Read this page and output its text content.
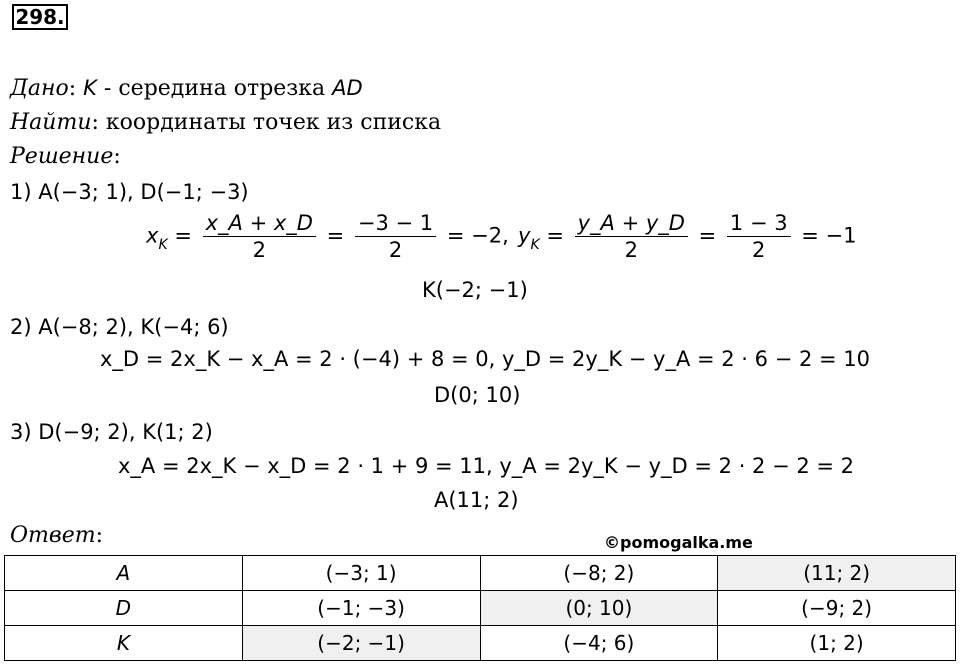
298.
Дано: K - середина отрезка AD
Найти: координаты точек из списка
Решение:
1) A(−3; 1), D(−1; −3)
$x_K = \frac{x\_A + x\_D}{2} = \frac{-3 - 1}{2} = -2$, $y_K = \frac{y\_A + y\_D}{2} = \frac{1 - 3}{2} = -1$
K(−2; −1)
2) A(−8; 2), K(−4; 6)
x_D = 2x_K − x_A = 2 · (−4) + 8 = 0, y_D = 2y_K − y_A = 2 · 6 − 2 = 10
D(0; 10)
3) D(−9; 2), K(1; 2)
x_A = 2x_K − x_D = 2 · 1 + 9 = 11, y_A = 2y_K − y_D = 2 · 2 − 2 = 2
A(11; 2)
Ответ:	©pomogalka.me
A	(−3; 1)	(−8; 2)	(11; 2)
D	(−1; −3)	(0; 10)	(−9; 2)
K	(−2; −1)	(−4; 6)	(1; 2)
